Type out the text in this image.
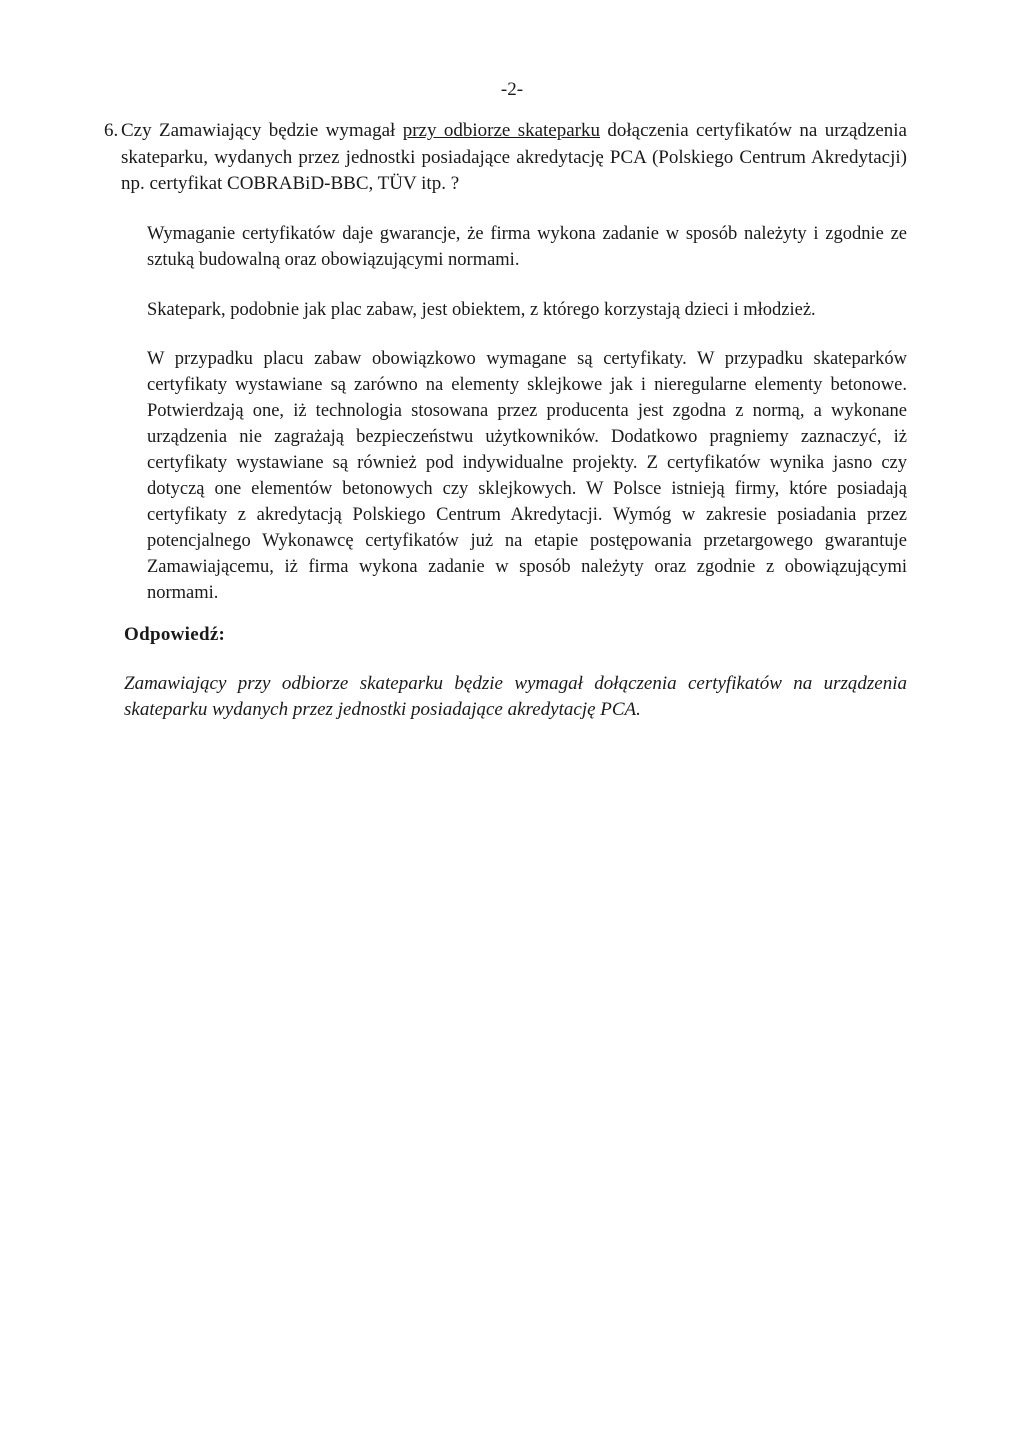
-2-
6. Czy Zamawiający będzie wymagał przy odbiorze skateparku dołączenia certyfikatów na urządzenia skateparku, wydanych przez jednostki posiadające akredytację PCA (Polskiego Centrum Akredytacji) np. certyfikat COBRABiD-BBC, TÜV itp. ?

Wymaganie certyfikatów daje gwarancje, że firma wykona zadanie w sposób należyty i zgodnie ze sztuką budowalną oraz obowiązującymi normami.

Skatepark, podobnie jak plac zabaw, jest obiektem, z którego korzystają dzieci i młodzież.

W przypadku placu zabaw obowiązkowo wymagane są certyfikaty. W przypadku skateparków certyfikaty wystawiane są zarówno na elementy sklejkowe jak i nieregularne elementy betonowe. Potwierdzają one, iż technologia stosowana przez producenta jest zgodna z normą, a wykonane urządzenia nie zagrażają bezpieczeństwu użytkowników. Dodatkowo pragniemy zaznaczyć, iż certyfikaty wystawiane są również pod indywidualne projekty. Z certyfikatów wynika jasno czy dotyczą one elementów betonowych czy sklejkowych. W Polsce istnieją firmy, które posiadają certyfikaty z akredytacją Polskiego Centrum Akredytacji. Wymóg w zakresie posiadania przez potencjalnego Wykonawcę certyfikatów już na etapie postępowania przetargowego gwarantuje Zamawiającemu, iż firma wykona zadanie w sposób należyty oraz zgodnie z obowiązującymi normami.

Odpowiedź:

Zamawiający przy odbiorze skateparku będzie wymagał dołączenia certyfikatów na urządzenia skateparku wydanych przez jednostki posiadające akredytację PCA.
